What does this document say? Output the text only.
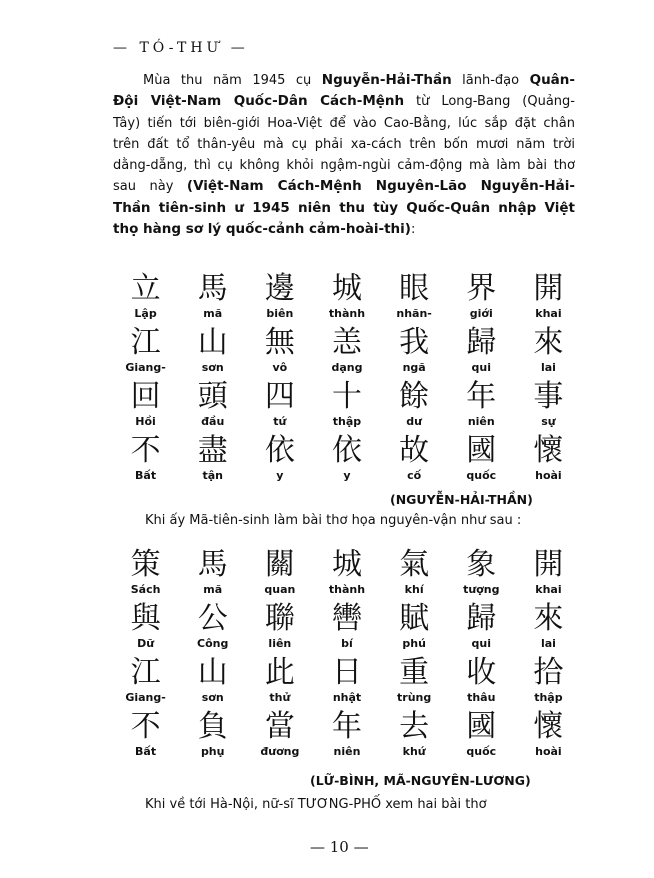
— TÓ-THƯ —
Mùa thu năm 1945 cụ Nguyễn-Hải-Thần lãnh-đạo Quân-
Đội Việt-Nam Quốc-Dân Cách-Mệnh từ Long-Bang (Quảng-
Tây) tiến tới biên-giới Hoa-Việt để vào Cao-Bằng, lúc sắp đặt chân
trên đất tổ thân-yêu mà cụ phải xa-cách trên bốn mươi năm trời
dằng-dẵng, thì cụ không khỏi ngậm-ngùi cảm-động mà làm bài thơ
sau này (Việt-Nam Cách-Mệnh Nguyên-Lão Nguyễn-Hải-
Thần tiên-sinh ư 1945 niên thu tùy Quốc-Quân nhập Việt
thọ hàng sơ lý quốc-cảnh cảm-hoài-thi):
立	馬	邊	城	眼	界	開
Lập	mã	biên	thành	nhãn-	giới	khai
江	山	無	恙	我	歸	來
Giang-	sơn	vô	dạng	ngã	qui	lai
回	頭	四	十	餘	年	事
Hồi	đầu	tứ	thập	dư	niên	sự
不	盡	依	依	故	國	懷
Bất	tận	y	y	cố	quốc	hoài
(NGUYỄN-HẢI-THẦN)
Khi ấy Mã-tiên-sinh làm bài thơ họa nguyên-vận như sau :
策	馬	關	城	氣	象	開
Sách	mã	quan	thành	khí	tượng	khai
與	公	聯	轡	賦	歸	來
Dữ	Công	liên	bí	phú	qui	lai
江	山	此	日	重	收	拾
Giang-	sơn	thử	nhật	trùng	thâu	thập
不	負	當	年	去	國	懷
Bất	phụ	đương	niên	khứ	quốc	hoài
(LỮ-BÌNH, MÃ-NGUYÊN-LƯƠNG)
Khi về tới Hà-Nội, nữ-sĩ TƯƠNG-PHỐ xem hai bài thơ
— 10 —
